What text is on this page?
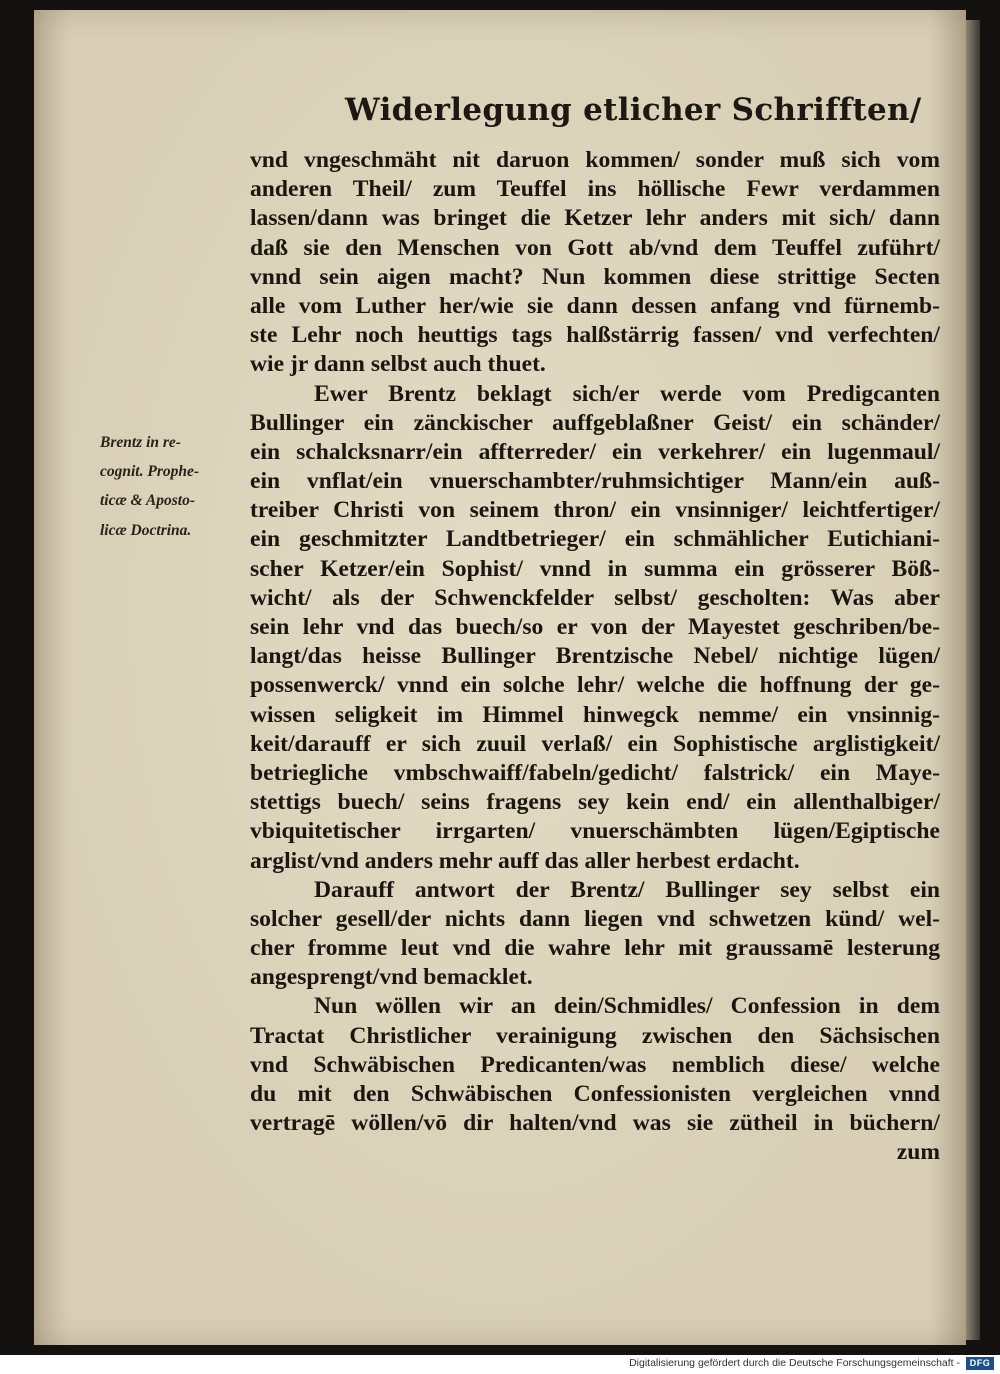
Widerlegung etlicher Schrifften/
Brentz in re-
cognit. Prophe-
ticæ & Aposto-
licæ Doctrina.
vnd vngeschmäht nit daruon kommen/ sonder muß sich vom
anderen Theil/ zum Teuffel ins höllische Fewr verdammen
lassen/dann was bringet die Ketzer lehr anders mit sich/ dann
daß sie den Menschen von Gott ab/vnd dem Teuffel zuführt/
vnnd sein aigen macht? Nun kommen diese strittige Secten
alle vom Luther her/wie sie dann dessen anfang vnd fürnemb-
ste Lehr noch heuttigs tags halßstärrig fassen/ vnd verfechten/
wie jr dann selbst auch thuet.
Ewer Brentz beklagt sich/er werde vom Predigcanten
Bullinger ein zänckischer auffgeblaßner Geist/ ein schänder/
ein schalcksnarr/ein affterreder/ ein verkehrer/ ein lugenmaul/
ein vnflat/ein vnuerschambter/ruhmsichtiger Mann/ein auß-
treiber Christi von seinem thron/ ein vnsinniger/ leichtfertiger/
ein geschmitzter Landtbetrieger/ ein schmählicher Eutichiani-
scher Ketzer/ein Sophist/ vnnd in summa ein grösserer Böß-
wicht/ als der Schwenckfelder selbst/ gescholten: Was aber
sein lehr vnd das buech/so er von der Mayestet geschriben/be-
langt/das heisse Bullinger Brentzische Nebel/ nichtige lügen/
possenwerck/ vnnd ein solche lehr/ welche die hoffnung der ge-
wissen seligkeit im Himmel hinwegck nemme/ ein vnsinnig-
keit/darauff er sich zuuil verlaß/ ein Sophistische arglistigkeit/
betriegliche vmbschwaiff/fabeln/gedicht/ falstrick/ ein Maye-
stettigs buech/ seins fragens sey kein end/ ein allenthalbiger/
vbiquitetischer irrgarten/ vnuerschämbten lügen/Egiptische
arglist/vnd anders mehr auff das aller herbest erdacht.
Darauff antwort der Brentz/ Bullinger sey selbst ein
solcher gesell/der nichts dann liegen vnd schwetzen künd/ wel-
cher fromme leut vnd die wahre lehr mit graussamē lesterung
angesprengt/vnd bemacklet.
Nun wöllen wir an dein/Schmidles/ Confession in dem
Tractat Christlicher verainigung zwischen den Sächsischen
vnd Schwäbischen Predicanten/was nemblich diese/ welche
du mit den Schwäbischen Confessionisten vergleichen vnnd
vertragē wöllen/vō dir halten/vnd was sie zütheil in büchern/
zum
Digitalisierung gefördert durch die Deutsche Forschungsgemeinschaft -	DFG
